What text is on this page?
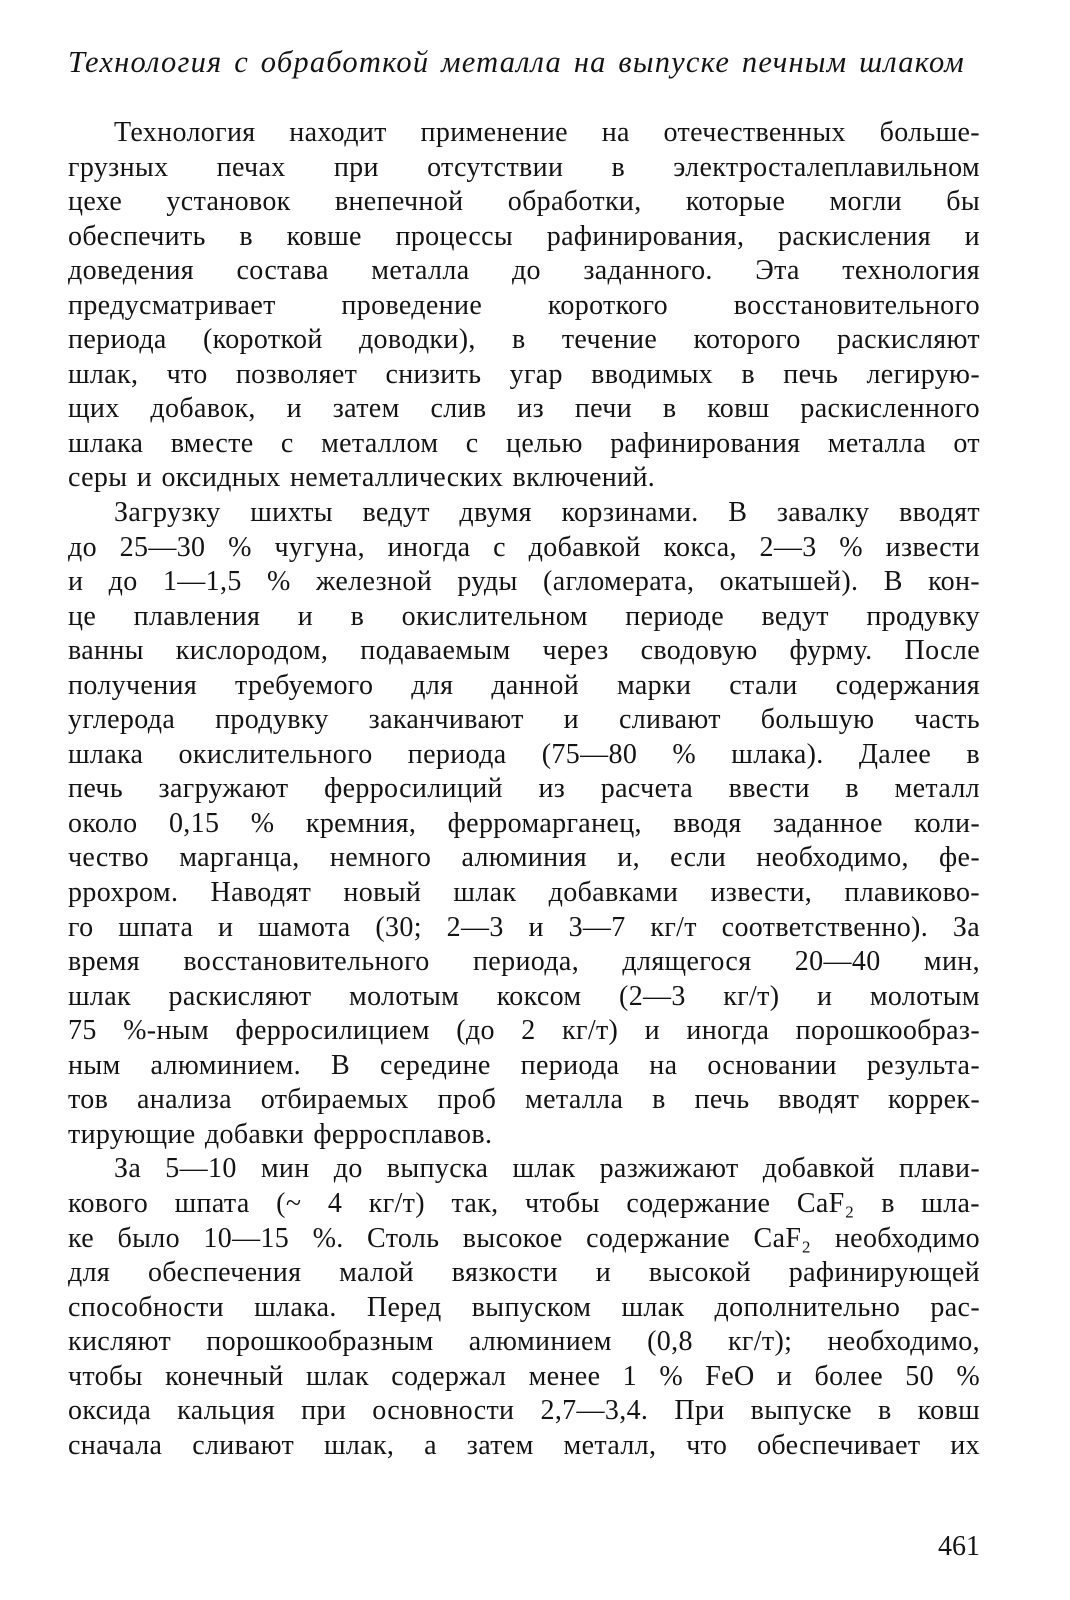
Технология с обработкой металла на выпуске печным шлаком
Технология находит применение на отечественных больше-
грузных печах при отсутствии в электросталеплавильном
цехе установок внепечной обработки, которые могли бы
обеспечить в ковше процессы рафинирования, раскисления и
доведения состава металла до заданного. Эта технология
предусматривает проведение короткого восстановительного
периода (короткой доводки), в течение которого раскисляют
шлак, что позволяет снизить угар вводимых в печь легирую-
щих добавок, и затем слив из печи в ковш раскисленного
шлака вместе с металлом с целью рафинирования металла от
серы и оксидных неметаллических включений.
Загрузку шихты ведут двумя корзинами. В завалку вводят
до 25—30 % чугуна, иногда с добавкой кокса, 2—3 % извести
и до 1—1,5 % железной руды (агломерата, окатышей). В кон-
це плавления и в окислительном периоде ведут продувку
ванны кислородом, подаваемым через сводовую фурму. После
получения требуемого для данной марки стали содержания
углерода продувку заканчивают и сливают большую часть
шлака окислительного периода (75—80 % шлака). Далее в
печь загружают ферросилиций из расчета ввести в металл
около 0,15 % кремния, ферромарганец, вводя заданное коли-
чество марганца, немного алюминия и, если необходимо, фе-
ррохром. Наводят новый шлак добавками извести, плавиково-
го шпата и шамота (30; 2—3 и 3—7 кг/т соответственно). За
время восстановительного периода, длящегося 20—40 мин,
шлак раскисляют молотым коксом (2—3 кг/т) и молотым
75 %-ным ферросилицием (до 2 кг/т) и иногда порошкообраз-
ным алюминием. В середине периода на основании результа-
тов анализа отбираемых проб металла в печь вводят коррек-
тирующие добавки ферросплавов.
За 5—10 мин до выпуска шлак разжижают добавкой плави-
кового шпата (~ 4 кг/т) так, чтобы содержание CaF₂ в шла-
ке было 10—15 %. Столь высокое содержание CaF₂ необходимо
для обеспечения малой вязкости и высокой рафинирующей
способности шлака. Перед выпуском шлак дополнительно рас-
кисляют порошкообразным алюминием (0,8 кг/т); необходимо,
чтобы конечный шлак содержал менее 1 % FeO и более 50 %
оксида кальция при основности 2,7—3,4. При выпуске в ковш
сначала сливают шлак, а затем металл, что обеспечивает их
461
